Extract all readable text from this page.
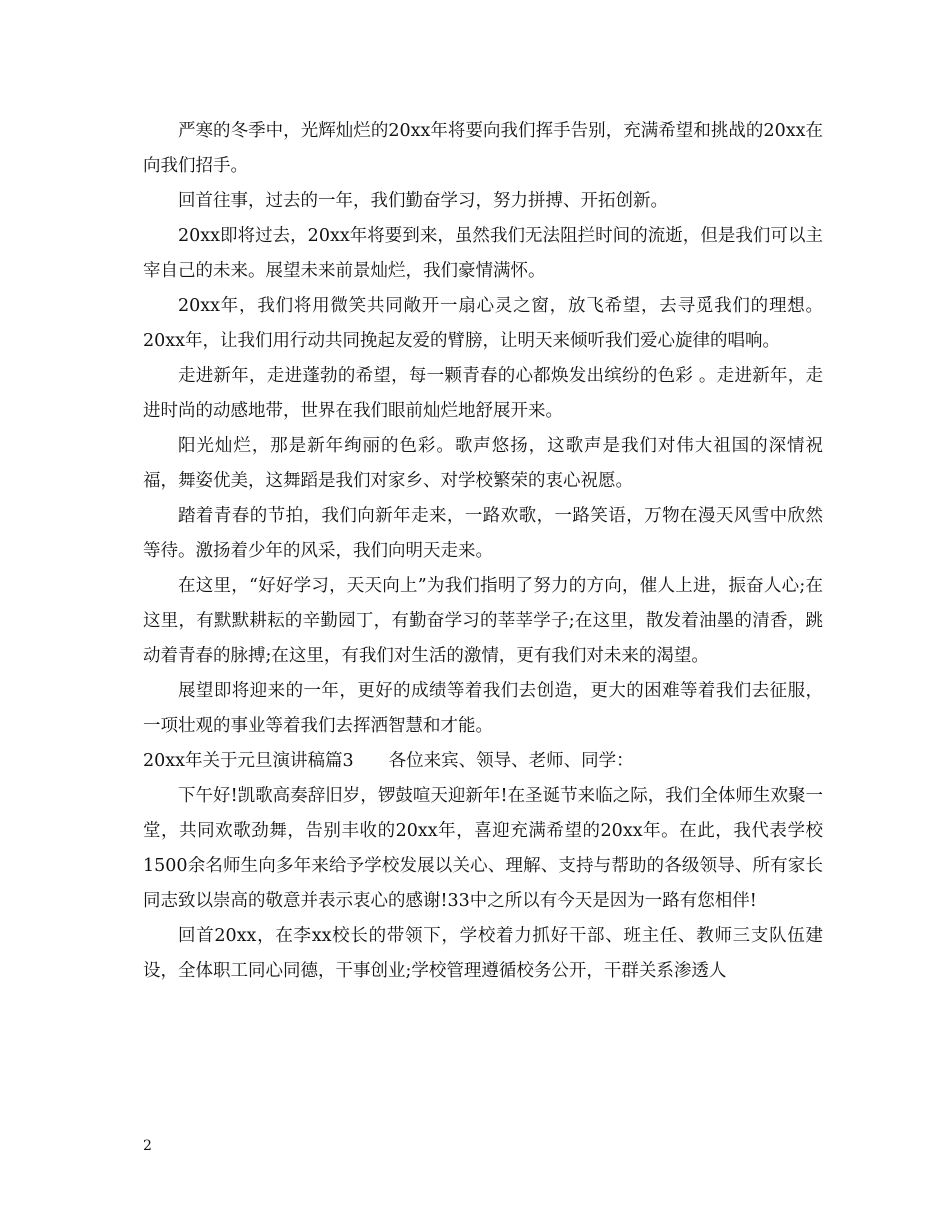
严寒的冬季中，光辉灿烂的20xx年将要向我们挥手告别，充满希望和挑战的20xx在向我们招手。

回首往事，过去的一年，我们勤奋学习，努力拼搏、开拓创新。

20xx即将过去，20xx年将要到来，虽然我们无法阻拦时间的流逝，但是我们可以主宰自己的未来。展望未来前景灿烂，我们豪情满怀。

20xx年，我们将用微笑共同敞开一扇心灵之窗，放飞希望，去寻觅我们的理想。20xx年，让我们用行动共同挽起友爱的臂膀，让明天来倾听我们爱心旋律的唱响。

走进新年，走进蓬勃的希望，每一颗青春的心都焕发出缤纷的色彩 。走进新年，走进时尚的动感地带，世界在我们眼前灿烂地舒展开来。

阳光灿烂，那是新年绚丽的色彩。歌声悠扬，这歌声是我们对伟大祖国的深情祝福，舞姿优美，这舞蹈是我们对家乡、对学校繁荣的衷心祝愿。

踏着青春的节拍，我们向新年走来，一路欢歌，一路笑语，万物在漫天风雪中欣然等待。激扬着少年的风采，我们向明天走来。

在这里，“好好学习，天天向上”为我们指明了努力的方向，催人上进，振奋人心;在这里，有默默耕耘的辛勤园丁，有勤奋学习的莘莘学子;在这里，散发着油墨的清香，跳动着青春的脉搏;在这里，有我们对生活的激情，更有我们对未来的渴望。

展望即将迎来的一年，更好的成绩等着我们去创造，更大的困难等着我们去征服，一项壮观的事业等着我们去挥洒智慧和才能。

20xx年关于元旦演讲稿篇3　　各位来宾、领导、老师、同学：

下午好!凯歌高奏辞旧岁，锣鼓喧天迎新年!在圣诞节来临之际，我们全体师生欢聚一堂，共同欢歌劲舞，告别丰收的20xx年，喜迎充满希望的20xx年。在此，我代表学校1500余名师生向多年来给予学校发展以关心、理解、支持与帮助的各级领导、所有家长同志致以崇高的敬意并表示衷心的感谢!33中之所以有今天是因为一路有您相伴!

回首20xx，在李xx校长的带领下，学校着力抓好干部、班主任、教师三支队伍建设，全体职工同心同德，干事创业;学校管理遵循校务公开，干群关系渗透人

2
